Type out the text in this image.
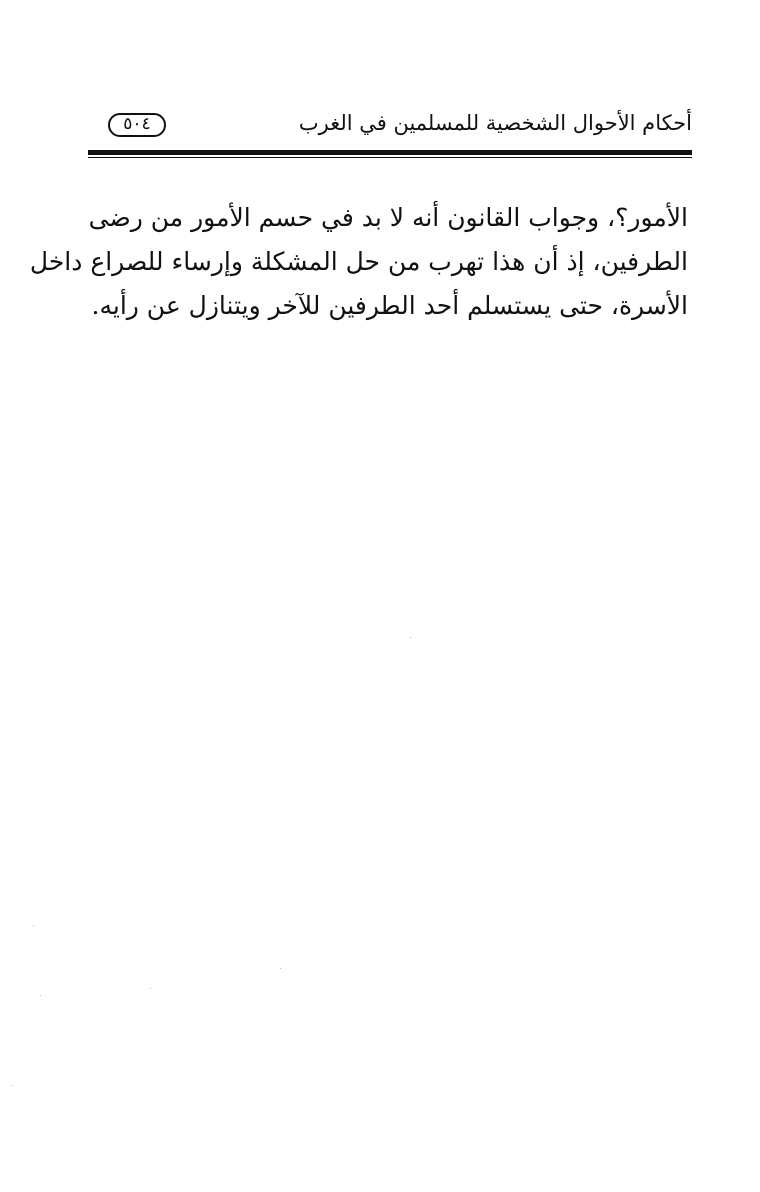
٥٠٤	أحكام الأحوال الشخصية للمسلمين في الغرب
الأمور؟، وجواب القانون أنه لا بد في حسم الأمور من رضى
الطرفين، إذ أن هذا تهرب من حل المشكلة وإرساء للصراع داخل
الأسرة، حتى يستسلم أحد الطرفين للآخر ويتنازل عن رأيه.
